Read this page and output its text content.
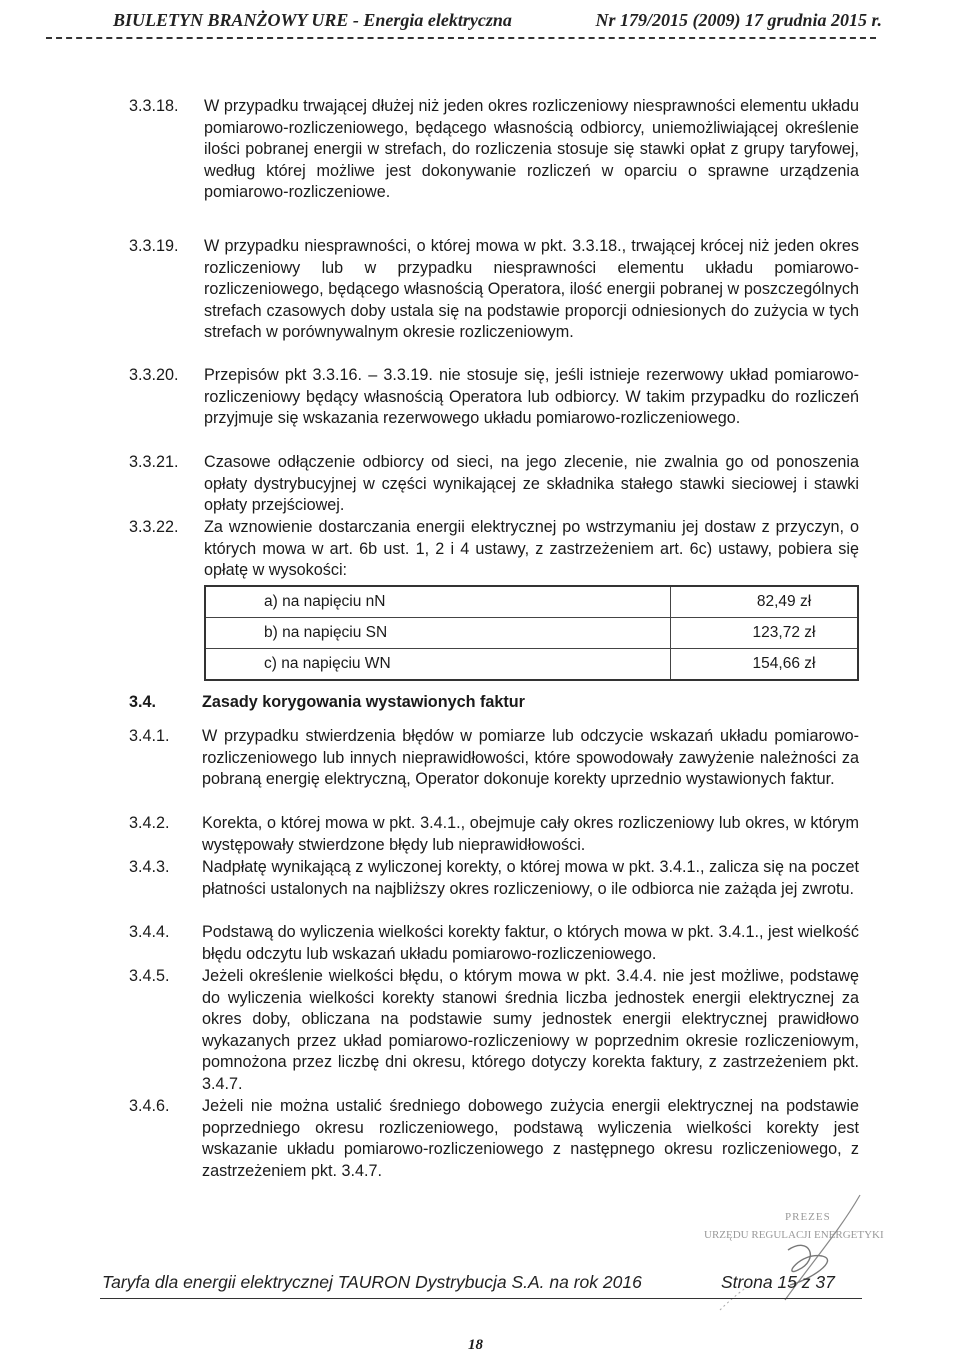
BIULETYN BRANŻOWY URE - Energia elektryczna	Nr 179/2015 (2009) 17 grudnia 2015 r.
3.3.18.	W przypadku trwającej dłużej niż jeden okres rozliczeniowy niesprawności elementu układu pomiarowo-rozliczeniowego, będącego własnością odbiorcy, uniemożliwiającej określenie ilości pobranej energii w strefach, do rozliczenia stosuje się stawki opłat z grupy taryfowej, według której możliwe jest dokonywanie rozliczeń w oparciu o sprawne urządzenia pomiarowo-rozliczeniowe.
3.3.19.	W przypadku niesprawności, o której mowa w pkt. 3.3.18., trwającej krócej niż jeden okres rozliczeniowy lub w przypadku niesprawności elementu układu pomiarowo-rozliczeniowego, będącego własnością Operatora, ilość energii pobranej w poszczególnych strefach czasowych doby ustala się na podstawie proporcji odniesionych do zużycia w tych strefach w porównywalnym okresie rozliczeniowym.
3.3.20.	Przepisów pkt 3.3.16. – 3.3.19. nie stosuje się, jeśli istnieje rezerwowy układ pomiarowo-rozliczeniowy będący własnością Operatora lub odbiorcy. W takim przypadku do rozliczeń przyjmuje się wskazania rezerwowego układu pomiarowo-rozliczeniowego.
3.3.21.	Czasowe odłączenie odbiorcy od sieci, na jego zlecenie, nie zwalnia go od ponoszenia opłaty dystrybucyjnej w części wynikającej ze składnika stałego stawki sieciowej i stawki opłaty przejściowej.
3.3.22.	Za wznowienie dostarczania energii elektrycznej po wstrzymaniu jej dostaw z przyczyn, o których mowa w art. 6b ust. 1, 2 i 4 ustawy, z zastrzeżeniem art. 6c) ustawy, pobiera się opłatę w wysokości:
a) na napięciu nN	82,49 zł
b) na napięciu SN	123,72 zł
c) na napięciu WN	154,66 zł
3.4.	Zasady korygowania wystawionych faktur
3.4.1.	W przypadku stwierdzenia błędów w pomiarze lub odczycie wskazań układu pomiarowo-rozliczeniowego lub innych nieprawidłowości, które spowodowały zawyżenie należności za pobraną energię elektryczną, Operator dokonuje korekty uprzednio wystawionych faktur.
3.4.2.	Korekta, o której mowa w pkt. 3.4.1., obejmuje cały okres rozliczeniowy lub okres, w którym występowały stwierdzone błędy lub nieprawidłowości.
3.4.3.	Nadpłatę wynikającą z wyliczonej korekty, o której mowa w pkt. 3.4.1., zalicza się na poczet płatności ustalonych na najbliższy okres rozliczeniowy, o ile odbiorca nie zażąda jej zwrotu.
3.4.4.	Podstawą do wyliczenia wielkości korekty faktur, o których mowa w pkt. 3.4.1., jest wielkość błędu odczytu lub wskazań układu pomiarowo-rozliczeniowego.
3.4.5.	Jeżeli określenie wielkości błędu, o którym mowa w pkt. 3.4.4. nie jest możliwe, podstawę do wyliczenia wielkości korekty stanowi średnia liczba jednostek energii elektrycznej za okres doby, obliczana na podstawie sumy jednostek energii elektrycznej prawidłowo wykazanych przez układ pomiarowo-rozliczeniowy w poprzednim okresie rozliczeniowym, pomnożona przez liczbę dni okresu, którego dotyczy korekta faktury, z zastrzeżeniem pkt. 3.4.7.
3.4.6.	Jeżeli nie można ustalić średniego dobowego zużycia energii elektrycznej na podstawie poprzedniego okresu rozliczeniowego, podstawą wyliczenia wielkości korekty jest wskazanie układu pomiarowo-rozliczeniowego z następnego okresu rozliczeniowego, z zastrzeżeniem pkt. 3.4.7.
PREZES
URZĘDU REGULACJI ENERGETYKI
Taryfa dla energii elektrycznej TAURON Dystrybucja S.A. na rok 2016	Strona 15 z 37
18
